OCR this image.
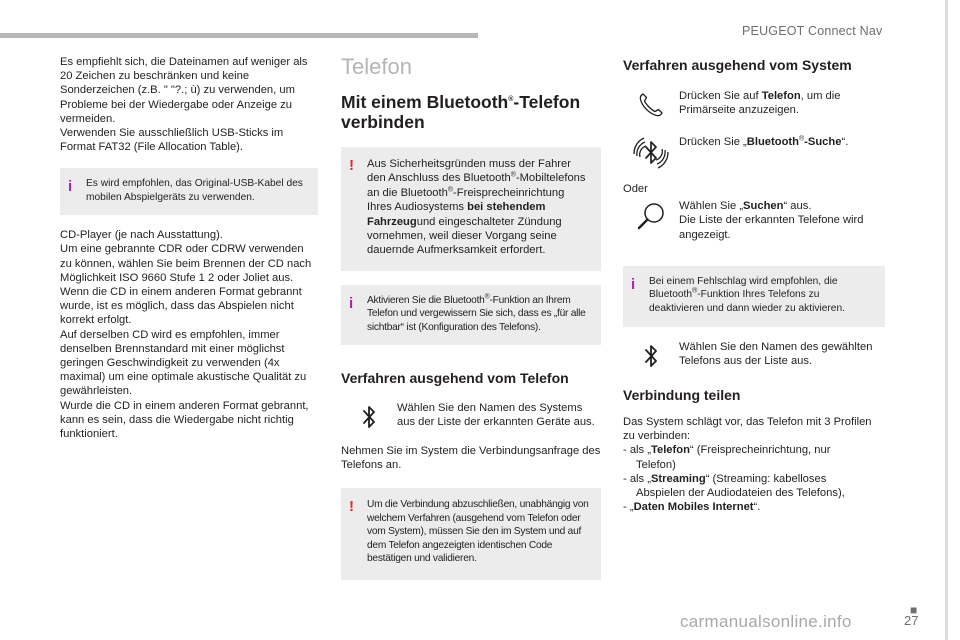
PEUGEOT Connect Nav

Es empfiehlt sich, die Dateinamen auf weniger als 20 Zeichen zu beschränken und keine Sonderzeichen (z.B. " "?.; ù) zu verwenden, um Probleme bei der Wiedergabe oder Anzeige zu vermeiden.
Verwenden Sie ausschließlich USB-Sticks im Format FAT32 (File Allocation Table).

i Es wird empfohlen, das Original-USB-Kabel des mobilen Abspielgeräts zu verwenden.

CD-Player (je nach Ausstattung).
Um eine gebrannte CDR oder CDRW verwenden zu können, wählen Sie beim Brennen der CD nach Möglichkeit ISO 9660 Stufe 1 2 oder Joliet aus.
Wenn die CD in einem anderen Format gebrannt wurde, ist es möglich, dass das Abspielen nicht korrekt erfolgt.
Auf derselben CD wird es empfohlen, immer denselben Brennstandard mit einer möglichst geringen Geschwindigkeit zu verwenden (4x maximal) um eine optimale akustische Qualität zu gewährleisten.
Wurde die CD in einem anderen Format gebrannt, kann es sein, dass die Wiedergabe nicht richtig funktioniert.

Telefon
Mit einem Bluetooth®-Telefon verbinden
! Aus Sicherheitsgründen muss der Fahrer den Anschluss des Bluetooth®-Mobiltelefons an die Bluetooth®-Freisprecheinrichtung Ihres Audiosystems bei stehendem Fahrzeugund eingeschalteter Zündung vornehmen, weil dieser Vorgang seine dauernde Aufmerksamkeit erfordert.
i Aktivieren Sie die Bluetooth®-Funktion an Ihrem Telefon und vergewissern Sie sich, dass es „für alle sichtbar“ ist (Konfiguration des Telefons).
Verfahren ausgehend vom Telefon
Wählen Sie den Namen des Systems aus der Liste der erkannten Geräte aus.

Nehmen Sie im System die Verbindungsanfrage des Telefons an.

! Um die Verbindung abzuschließen, unabhängig von welchem Verfahren (ausgehend vom Telefon oder vom System), müssen Sie den im System und auf dem Telefon angezeigten identischen Code bestätigen und validieren.
Verfahren ausgehend vom System
Drücken Sie auf Telefon, um die Primärseite anzuzeigen.
Drücken Sie „Bluetooth®-Suche“.

Oder

Wählen Sie „Suchen“ aus.
Die Liste der erkannten Telefone wird angezeigt.
i Bei einem Fehlschlag wird empfohlen, die Bluetooth®-Funktion Ihres Telefons zu deaktivieren und dann wieder zu aktivieren.
Wählen Sie den Namen des gewählten Telefons aus der Liste aus.
Verbindung teilen

Das System schlägt vor, das Telefon mit 3 Profilen zu verbinden:

- als „Telefon“ (Freisprecheinrichtung, nur
Telefon)
- als „Streaming“ (Streaming: kabelloses
Abspielen der Audiodateien des Telefons),
- „Daten Mobiles Internet“.
■
carmanualsonline.info	27
